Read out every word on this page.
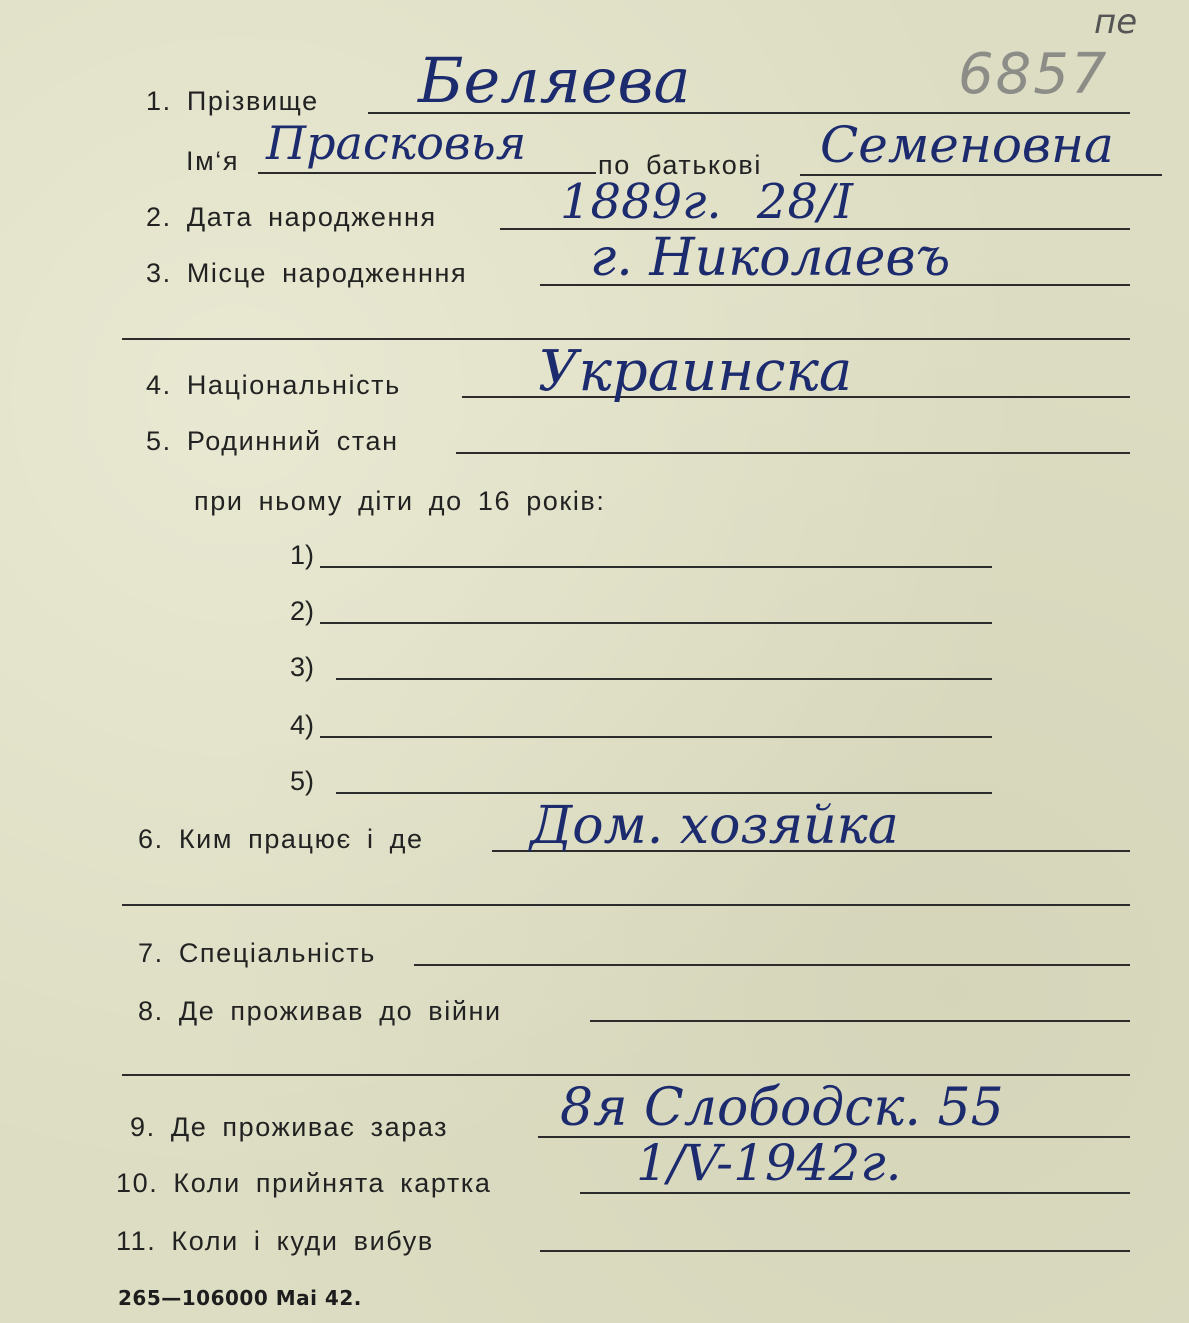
пе
6857
1. Прізвище Беляева
Ім‘я Прасковья	по батькові Семеновна
2. Дата народження	1889г. 28/I
3. Місце народженння г. Николаевъ
4. Національність Украинска
5. Родинний стан
при ньому діти до 16 років:
1)
2)
3)
4)
5)
6. Ким працює і де Дом. хозяйка
7. Спеціальність
8. Де проживав до війни
9. Де проживає зараз 8я Слободск. 55
10. Коли прийнята картка	1/V-1942г.
11. Коли і куди вибув
265—106000 Mai 42.
